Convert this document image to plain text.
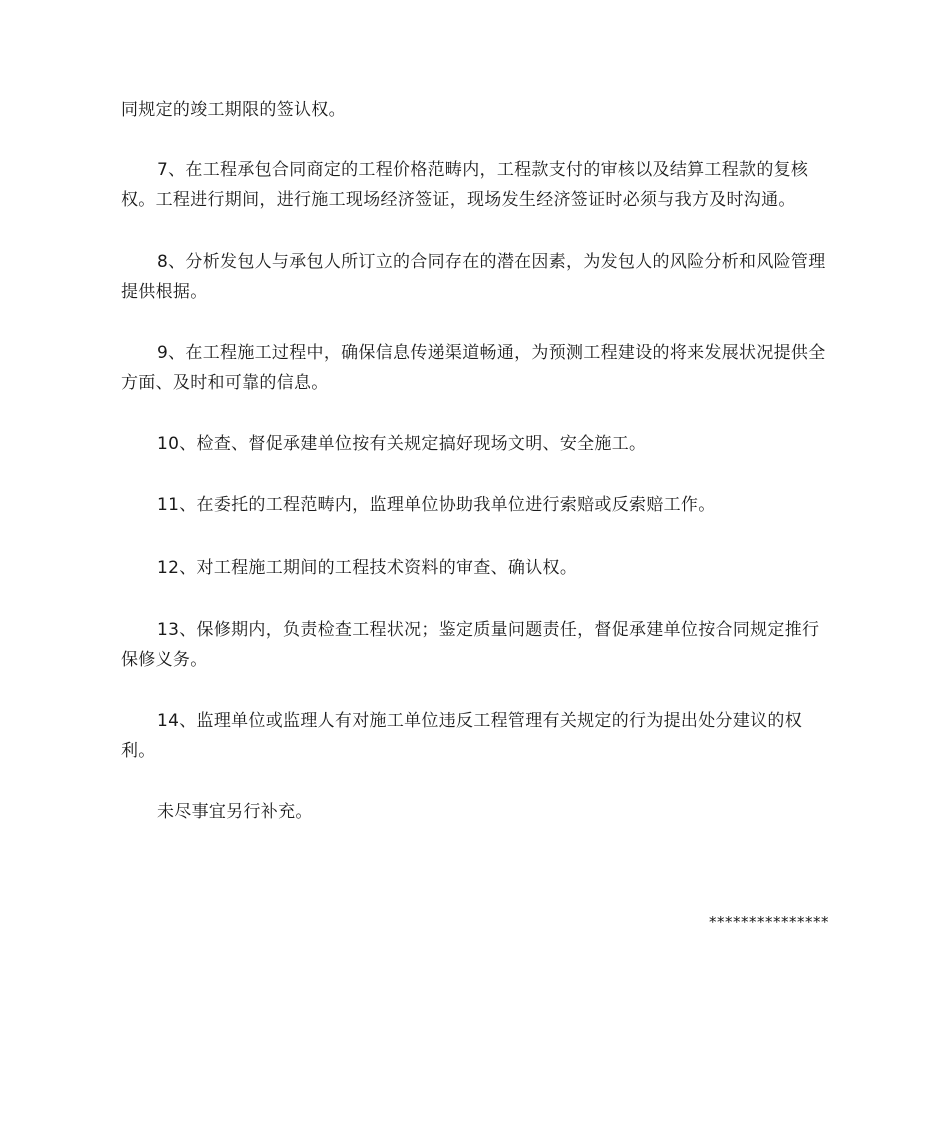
同规定的竣工期限的签认权。

7、在工程承包合同商定的工程价格范畴内，工程款支付的审核以及结算工程款的复核权。工程进行期间，进行施工现场经济签证，现场发生经济签证时必须与我方及时沟通。

8、分析发包人与承包人所订立的合同存在的潜在因素，为发包人的风险分析和风险管理提供根据。

9、在工程施工过程中，确保信息传递渠道畅通，为预测工程建设的将来发展状况提供全方面、及时和可靠的信息。

10、检查、督促承建单位按有关规定搞好现场文明、安全施工。

11、在委托的工程范畴内，监理单位协助我单位进行索赔或反索赔工作。

12、对工程施工期间的工程技术资料的审查、确认权。

13、保修期内，负责检查工程状况；鉴定质量问题责任，督促承建单位按合同规定推行保修义务。

14、监理单位或监理人有对施工单位违反工程管理有关规定的行为提出处分建议的权利。

未尽事宜另行补充。

***************
